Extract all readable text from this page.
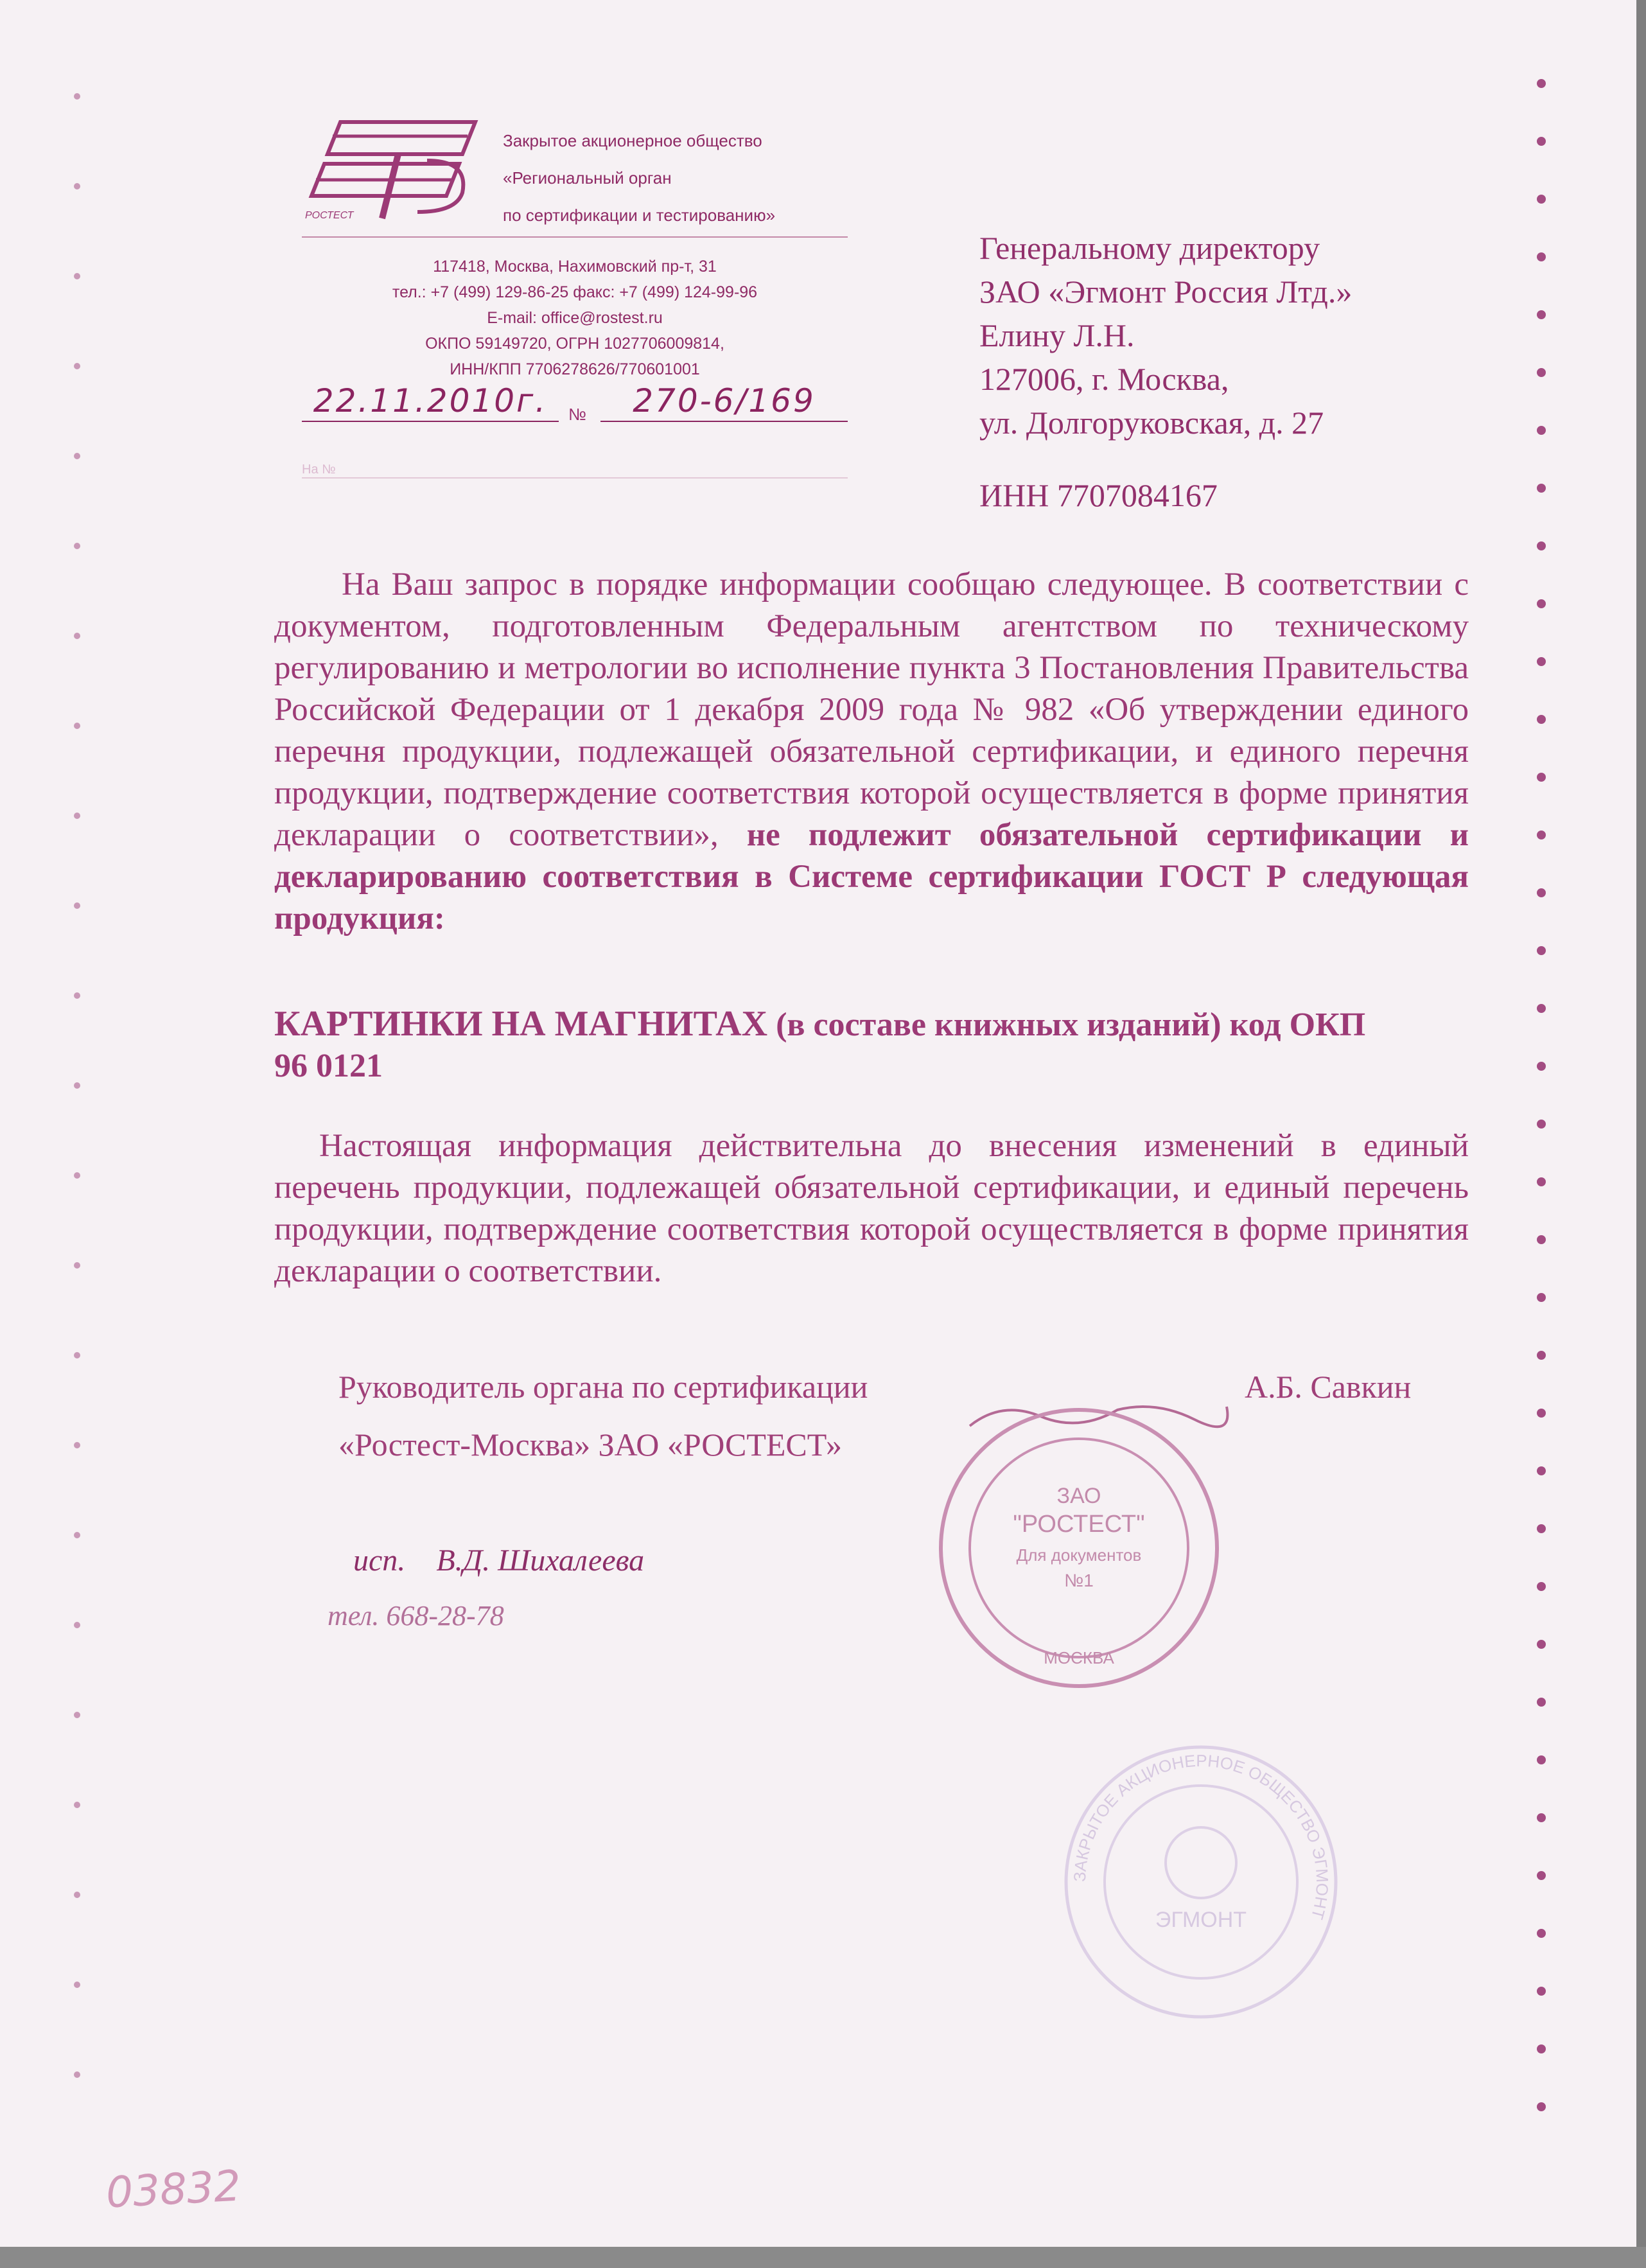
РОСТЕСТ
Закрытое акционерное общество
«Региональный орган
по сертификации и тестированию»
117418, Москва, Нахимовский пр-т, 31
тел.: +7 (499) 129-86-25 факс: +7 (499) 124-99-96
E-mail: office@rostest.ru
ОКПО 59149720, ОГРН 1027706009814,
ИНН/КПП 7706278626/770601001
22.11.2010г.	№	270-6/169
На №
Генеральному директору
ЗАО «Эгмонт Россия Лтд.»
Елину Л.Н.
127006, г. Москва,
ул. Долгоруковская, д. 27
ИНН 7707084167
На Ваш запрос в порядке информации сообщаю следующее. В соответствии с документом, подготовленным Федеральным агентством по техническому регулированию и метрологии во исполнение пункта 3 Постановления Правительства Российской Федерации от 1 декабря 2009 года № 982 «Об утверждении единого перечня продукции, подлежащей обязательной сертификации, и единого перечня продукции, подтверждение соответствия которой осуществляется в форме принятия декларации о соответствии», не подлежит обязательной сертификации и декларированию соответствия в Системе сертификации ГОСТ Р следующая продукция:
КАРТИНКИ НА МАГНИТАХ (в составе книжных изданий) код ОКП
96 0121
Настоящая информация действительна до внесения изменений в единый перечень продукции, подлежащей обязательной сертификации, и единый перечень продукции, подтверждение соответствия которой осуществляется в форме принятия декларации о соответствии.
Руководитель органа по сертификации
«Ростест-Москва» ЗАО «РОСТЕСТ»
А.Б. Савкин
ЗАО
"РОСТЕСТ"
Для документов
№1
МОСКВА
ЗАКРЫТОЕ АКЦИОНЕРНОЕ ОБЩЕСТВО ЭГМОНТ
ЭГМОНТ
исп. В.Д. Шихалеева
тел. 668-28-78
03832
